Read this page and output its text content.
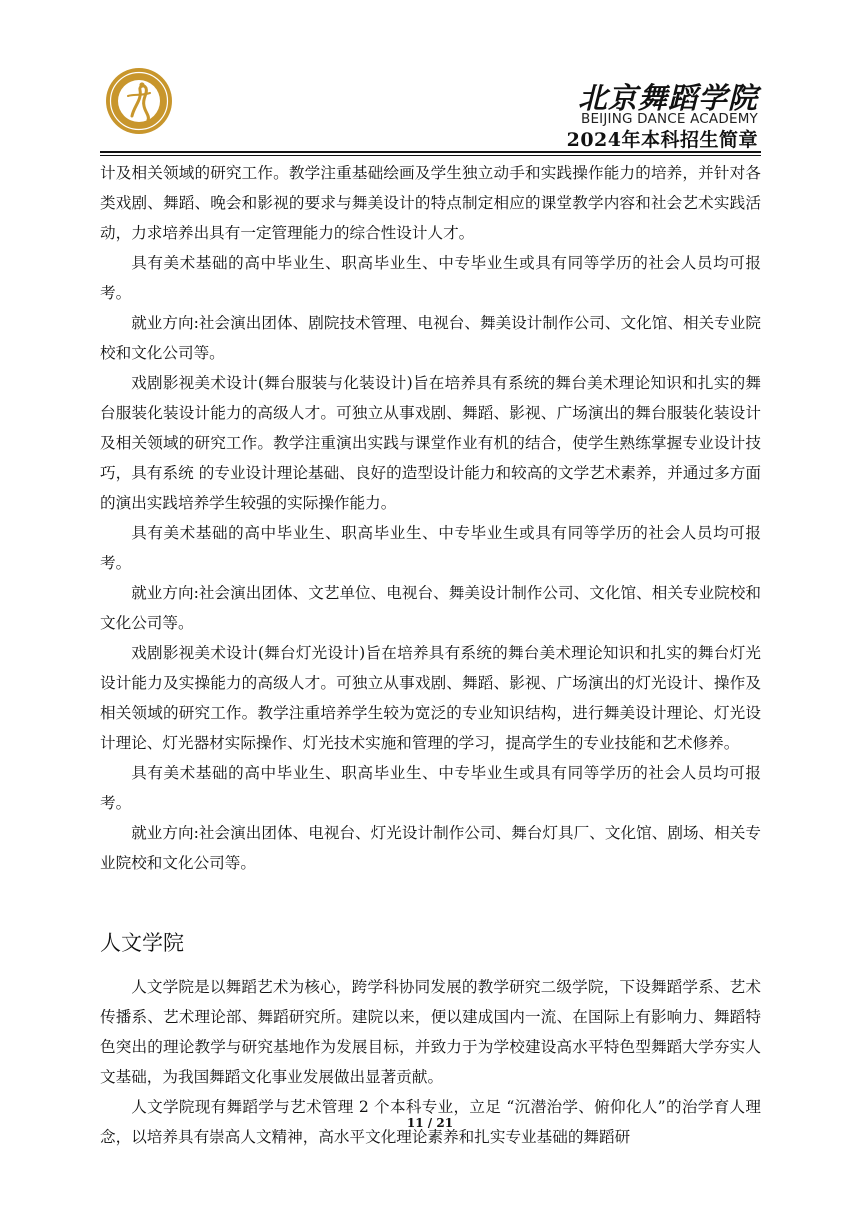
北京舞蹈学院
BEIJING DANCE ACADEMY
2024年本科招生简章

计及相关领域的研究工作。教学注重基础绘画及学生独立动手和实践操作能力的培养，并针对各类戏剧、舞蹈、晚会和影视的要求与舞美设计的特点制定相应的课堂教学内容和社会艺术实践活动，力求培养出具有一定管理能力的综合性设计人才。

具有美术基础的高中毕业生、职高毕业生、中专毕业生或具有同等学历的社会人员均可报考。

就业方向:社会演出团体、剧院技术管理、电视台、舞美设计制作公司、文化馆、相关专业院校和文化公司等。

戏剧影视美术设计(舞台服装与化装设计)旨在培养具有系统的舞台美术理论知识和扎实的舞台服装化装设计能力的高级人才。可独立从事戏剧、舞蹈、影视、广场演出的舞台服装化装设计及相关领域的研究工作。教学注重演出实践与课堂作业有机的结合，使学生熟练掌握专业设计技巧，具有系统 的专业设计理论基础、良好的造型设计能力和较高的文学艺术素养，并通过多方面的演出实践培养学生较强的实际操作能力。

具有美术基础的高中毕业生、职高毕业生、中专毕业生或具有同等学历的社会人员均可报考。

就业方向:社会演出团体、文艺单位、电视台、舞美设计制作公司、文化馆、相关专业院校和文化公司等。

戏剧影视美术设计(舞台灯光设计)旨在培养具有系统的舞台美术理论知识和扎实的舞台灯光设计能力及实操能力的高级人才。可独立从事戏剧、舞蹈、影视、广场演出的灯光设计、操作及相关领域的研究工作。教学注重培养学生较为宽泛的专业知识结构，进行舞美设计理论、灯光设计理论、灯光器材实际操作、灯光技术实施和管理的学习，提高学生的专业技能和艺术修养。

具有美术基础的高中毕业生、职高毕业生、中专毕业生或具有同等学历的社会人员均可报考。

就业方向:社会演出团体、电视台、灯光设计制作公司、舞台灯具厂、文化馆、剧场、相关专业院校和文化公司等。

人文学院

人文学院是以舞蹈艺术为核心，跨学科协同发展的教学研究二级学院，下设舞蹈学系、艺术传播系、艺术理论部、舞蹈研究所。建院以来，便以建成国内一流、在国际上有影响力、舞蹈特色突出的理论教学与研究基地作为发展目标，并致力于为学校建设高水平特色型舞蹈大学夯实人文基础，为我国舞蹈文化事业发展做出显著贡献。

人文学院现有舞蹈学与艺术管理 2 个本科专业，立足 “沉潜治学、俯仰化人”的治学育人理念，以培养具有崇高人文精神，高水平文化理论素养和扎实专业基础的舞蹈研

11 / 21
